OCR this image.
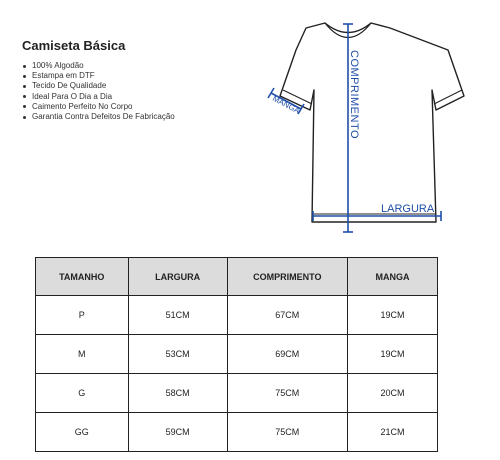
Camiseta Básica
100% Algodão
Estampa em DTF
Tecido De Qualidade
Ideal Para O Dia a Dia
Caimento Perfeito No Corpo
Garantia Contra Defeitos De Fabricação	COMPRIMENTO
LARGURA
MANGA
TAMANHO	LARGURA	COMPRIMENTO	MANGA
P	51CM	67CM	19CM
M	53CM	69CM	19CM
G	58CM	75CM	20CM
GG	59CM	75CM	21CM
